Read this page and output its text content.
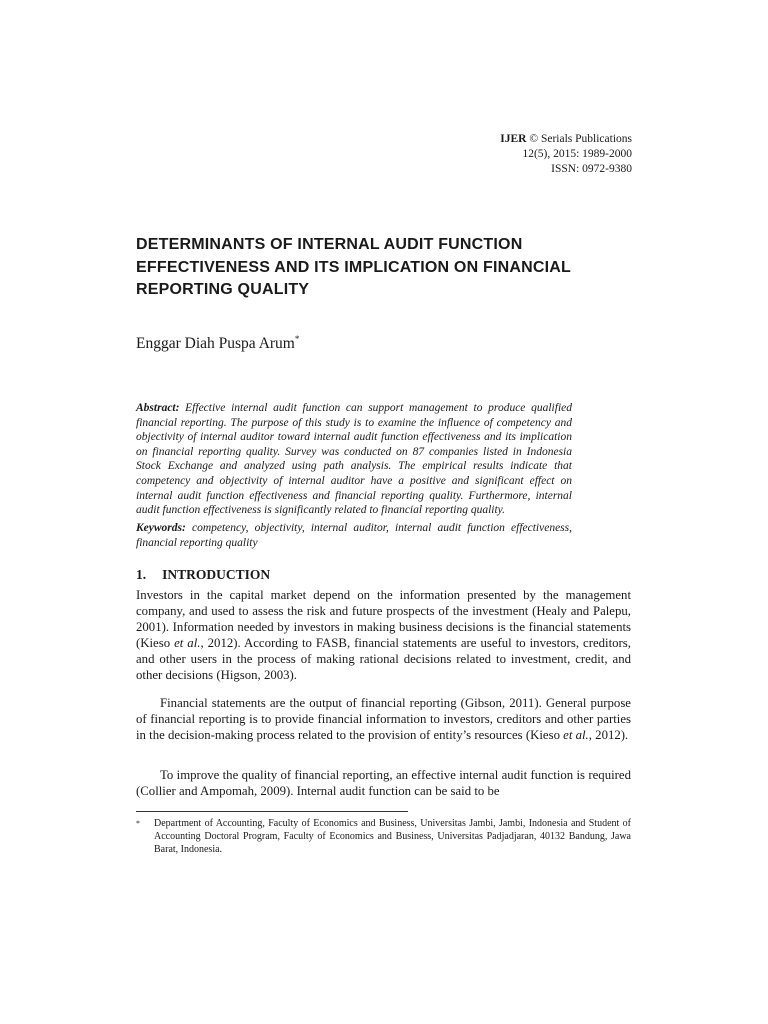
IJER © Serials Publications
12(5), 2015: 1989-2000
ISSN: 0972-9380
DETERMINANTS OF INTERNAL AUDIT FUNCTION EFFECTIVENESS AND ITS IMPLICATION ON FINANCIAL REPORTING QUALITY

Enggar Diah Puspa Arum*

Abstract: Effective internal audit function can support management to produce qualified financial reporting. The purpose of this study is to examine the influence of competency and objectivity of internal auditor toward internal audit function effectiveness and its implication on financial reporting quality. Survey was conducted on 87 companies listed in Indonesia Stock Exchange and analyzed using path analysis. The empirical results indicate that competency and objectivity of internal auditor have a positive and significant effect on internal audit function effectiveness and financial reporting quality. Furthermore, internal audit function effectiveness is significantly related to financial reporting quality.

Keywords: competency, objectivity, internal auditor, internal audit function effectiveness, financial reporting quality

1. INTRODUCTION

Investors in the capital market depend on the information presented by the management company, and used to assess the risk and future prospects of the investment (Healy and Palepu, 2001). Information needed by investors in making business decisions is the financial statements (Kieso et al., 2012). According to FASB, financial statements are useful to investors, creditors, and other users in the process of making rational decisions related to investment, credit, and other decisions (Higson, 2003).

Financial statements are the output of financial reporting (Gibson, 2011). General purpose of financial reporting is to provide financial information to investors, creditors and other parties in the decision-making process related to the provision of entity’s resources (Kieso et al., 2012).

To improve the quality of financial reporting, an effective internal audit function is required (Collier and Ampomah, 2009). Internal audit function can be said to be

*	Department of Accounting, Faculty of Economics and Business, Universitas Jambi, Jambi, Indonesia and Student of Accounting Doctoral Program, Faculty of Economics and Business, Universitas Padjadjaran, 40132 Bandung, Jawa Barat, Indonesia.
